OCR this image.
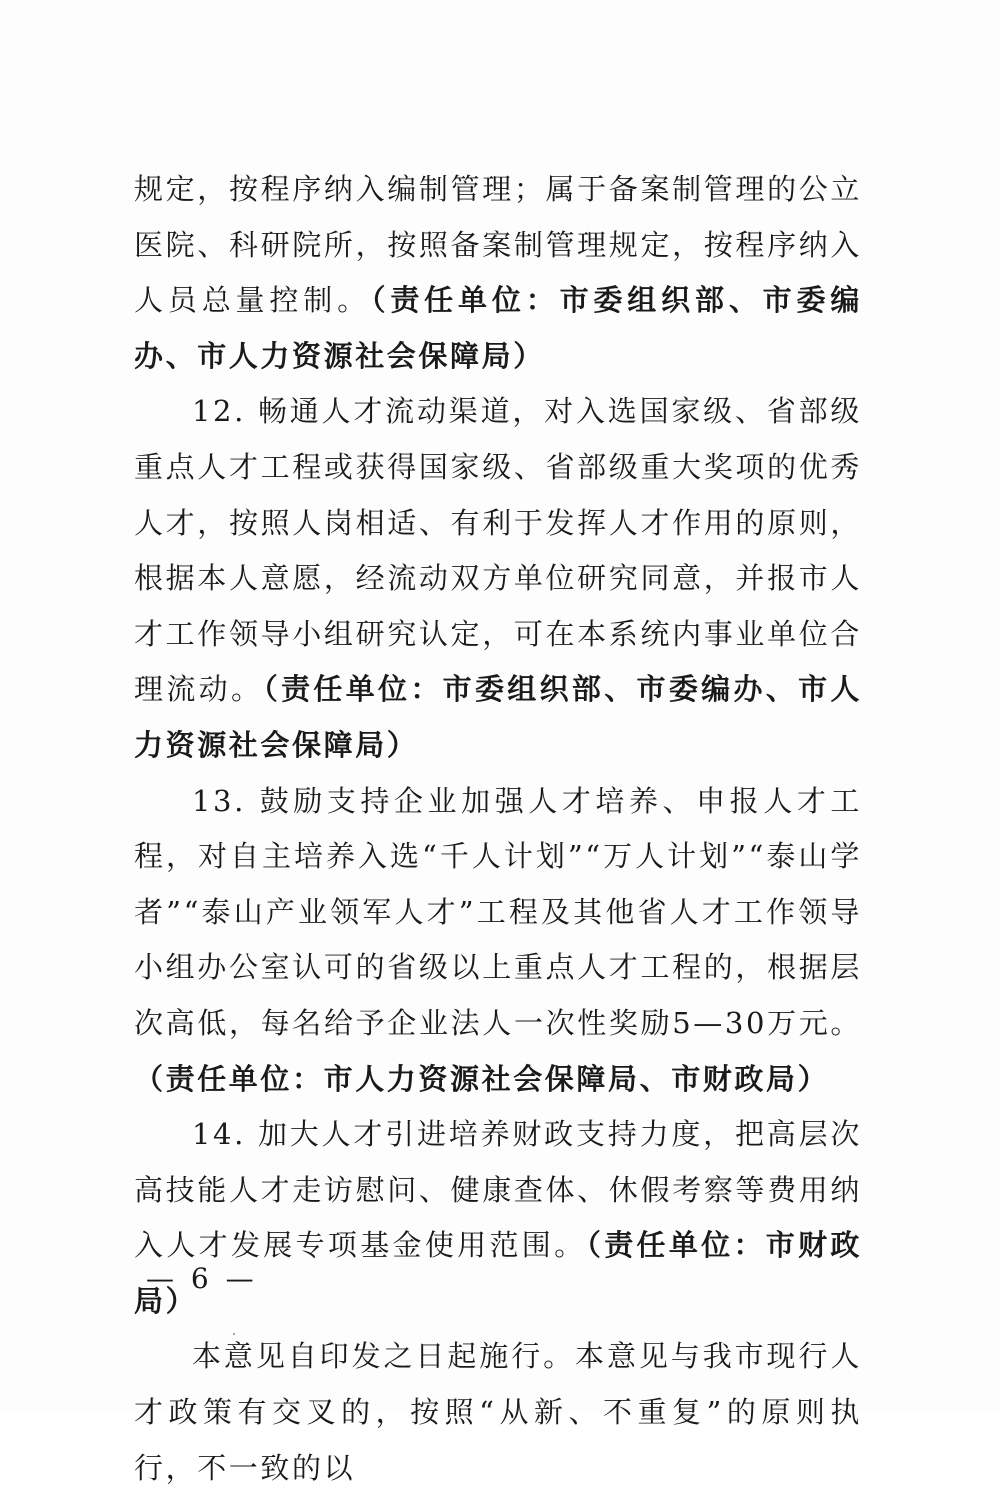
规定，按程序纳入编制管理；属于备案制管理的公立医院、科研院所，按照备案制管理规定，按程序纳入人员总量控制。（责任单位：市委组织部、市委编办、市人力资源社会保障局）

12. 畅通人才流动渠道，对入选国家级、省部级重点人才工程或获得国家级、省部级重大奖项的优秀人才，按照人岗相适、有利于发挥人才作用的原则，根据本人意愿，经流动双方单位研究同意，并报市人才工作领导小组研究认定，可在本系统内事业单位合理流动。（责任单位：市委组织部、市委编办、市人力资源社会保障局）

13. 鼓励支持企业加强人才培养、申报人才工程，对自主培养入选“千人计划”“万人计划”“泰山学者”“泰山产业领军人才”工程及其他省人才工作领导小组办公室认可的省级以上重点人才工程的，根据层次高低，每名给予企业法人一次性奖励5—30万元。（责任单位：市人力资源社会保障局、市财政局）

14. 加大人才引进培养财政支持力度，把高层次高技能人才走访慰问、健康查体、休假考察等费用纳入人才发展专项基金使用范围。（责任单位：市财政局）

本意见自印发之日起施行。本意见与我市现行人才政策有交叉的，按照“从新、不重复”的原则执行，不一致的以

— 6 —
